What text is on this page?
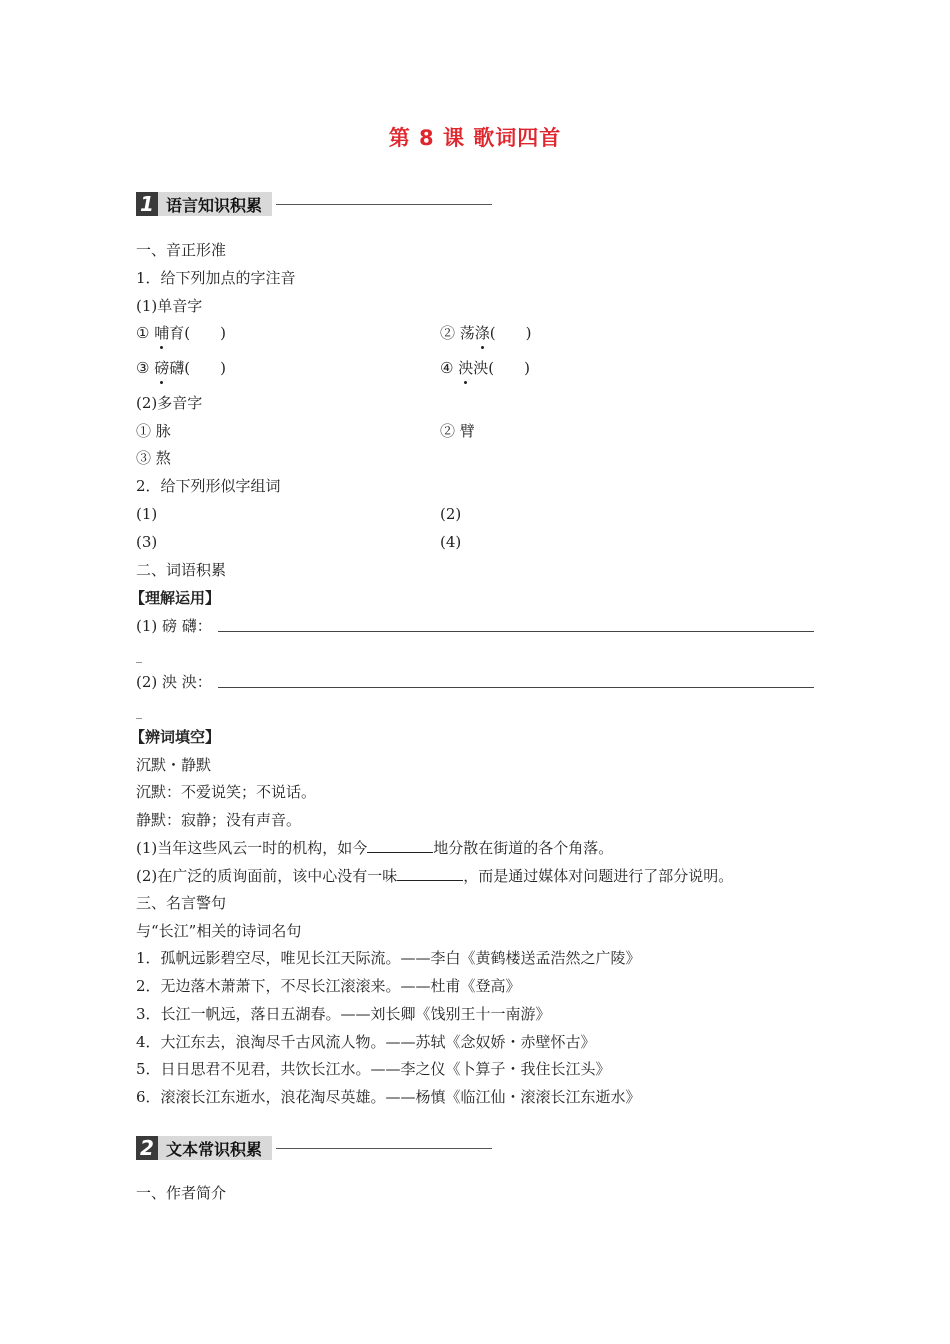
第 8 课 歌词四首
1 语言知识积累
一、音正形准
1．给下列加点的字注音
(1)单音字
① 哺育(　　)	② 荡涤(　　)
③ 磅礴(　　)	④ 泱泱(　　)
(2)多音字
① 脉	② 臂
③ 熬
2．给下列形似字组词
(1)	(2)
(3)	(4)
二、词语积累
【理解运用】
(1) 磅 礴：
_
(2) 泱 泱：
_
【辨词填空】
沉默・静默
沉默：不爱说笑；不说话。
静默：寂静；没有声音。
(1)当年这些风云一时的机构，如今	地分散在街道的各个角落。
(2)在广泛的质询面前，该中心没有一味	，而是通过媒体对问题进行了部分说明。
三、名言警句
与“长江”相关的诗词名句
1．孤帆远影碧空尽，唯见长江天际流。——李白《黄鹤楼送孟浩然之广陵》
2．无边落木萧萧下，不尽长江滚滚来。——杜甫《登高》
3．长江一帆远，落日五湖春。——刘长卿《饯别王十一南游》
4．大江东去，浪淘尽千古风流人物。——苏轼《念奴娇・赤壁怀古》
5．日日思君不见君，共饮长江水。——李之仪《卜算子・我住长江头》
6．滚滚长江东逝水，浪花淘尽英雄。——杨慎《临江仙・滚滚长江东逝水》
2 文本常识积累
一、作者简介
